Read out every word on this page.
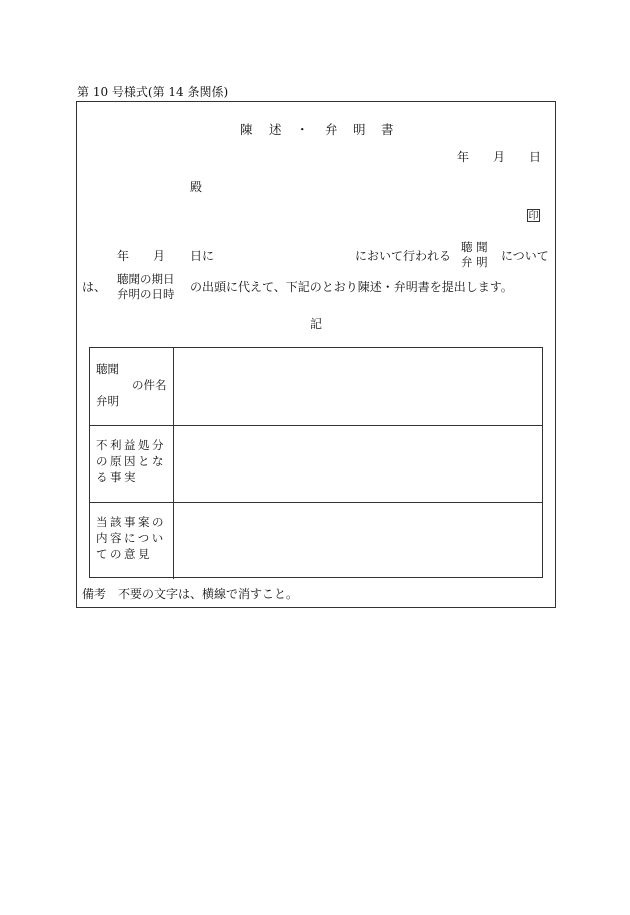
第 10 号様式(第 14 条関係)
陳 述 ・ 弁 明 書
年 月 日
殿
印
年 月 日に	において行われる
聴 聞
弁 明 について
は、
聴聞の期日
弁明の日時 の出頭に代えて、下記のとおり陳述・弁明書を提出します。
記
聴聞
の件名
弁明
不利益処分
の原因とな
る事実
当該事案の
内容につい
ての意見
備考　不要の文字は、横線で消すこと。
